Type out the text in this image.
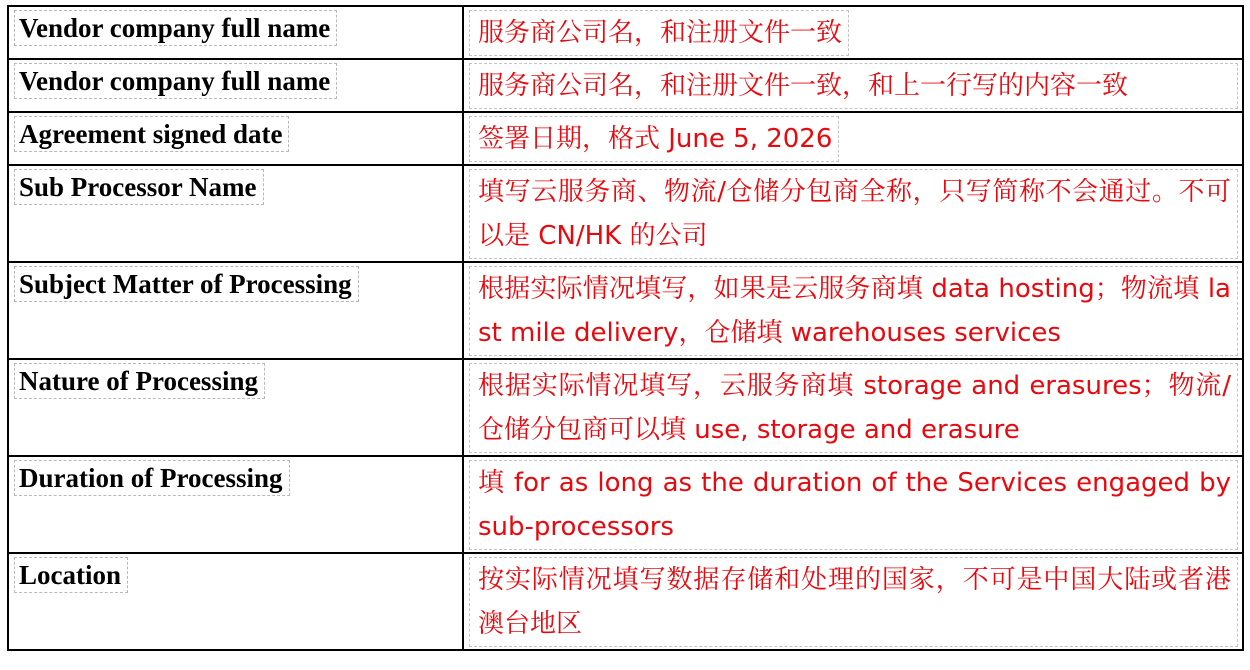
Vendor company full name	服务商公司名，和注册文件一致
Vendor company full name	服务商公司名，和注册文件一致，和上一行写的内容一致

Agreement signed date	签署日期，格式 June 5, 2026
Sub Processor Name	填写云服务商、物流/仓储分包商全称，只写简称不会通过。不可以是 CN/HK 的公司

Subject Matter of Processing	根据实际情况填写，如果是云服务商填 data hosting；物流填 last mile delivery，仓储填 warehouses services

Nature of Processing	根据实际情况填写，云服务商填 storage and erasures；物流/仓储分包商可以填 use, storage and erasure

Duration of Processing	填 for as long as the duration of the Services engaged by sub-processors

Location	按实际情况填写数据存储和处理的国家，不可是中国大陆或者港澳台地区
